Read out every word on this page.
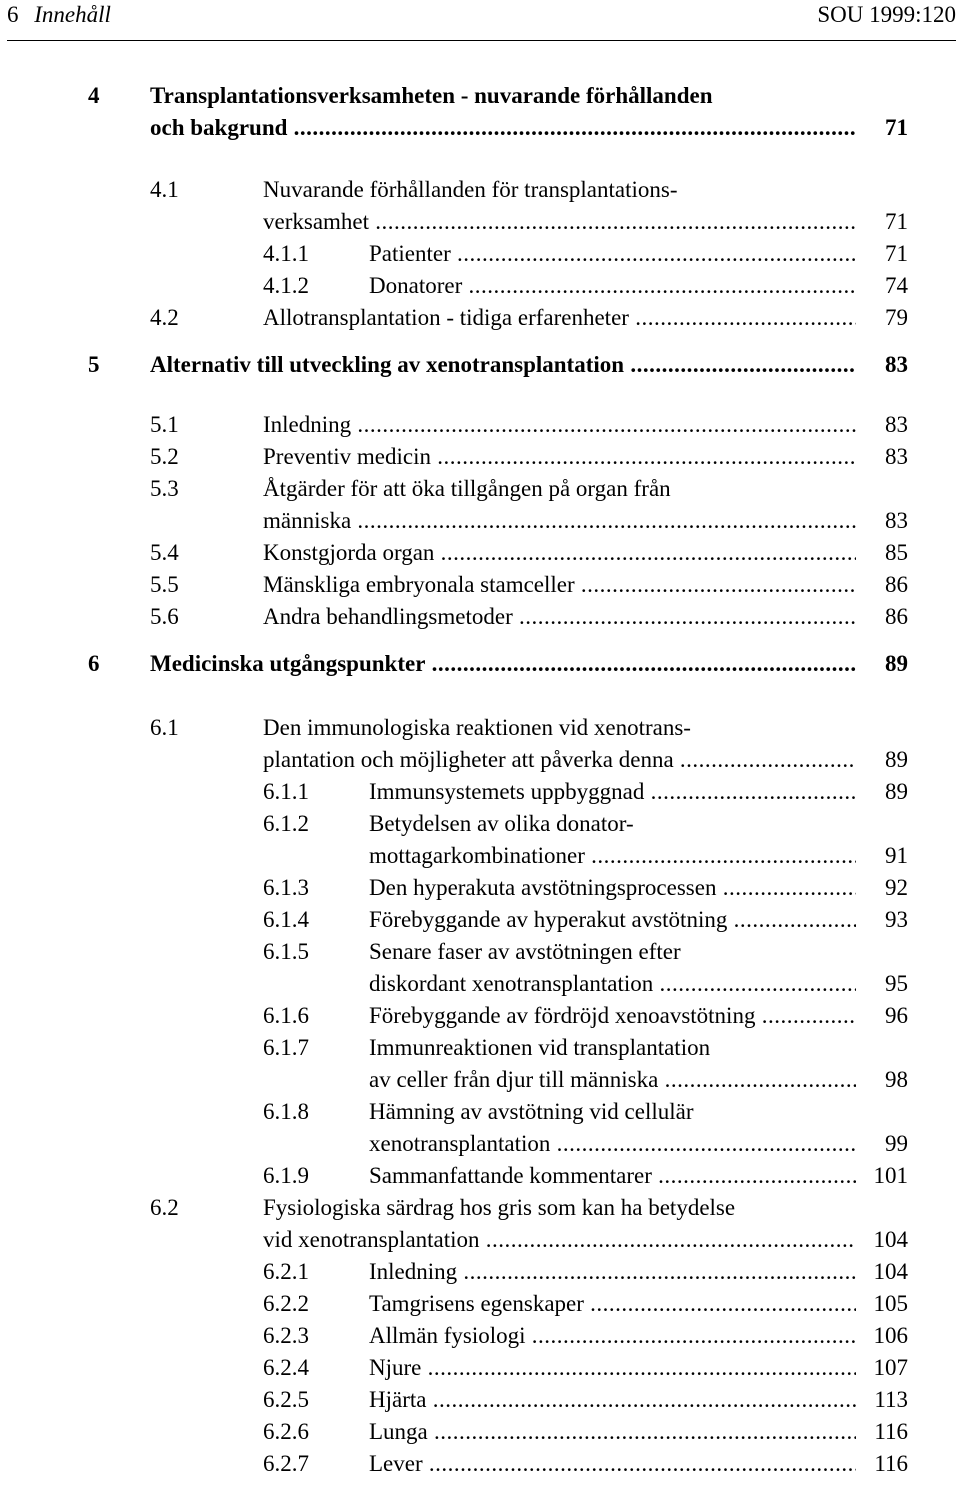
6 Innehåll	SOU 1999:120
4 Transplantationsverksamheten - nuvarande förhållanden
och bakgrund .....	71
4.1	Nuvarande förhållanden för transplantations-
verksamhet .....	71
4.1.1	Patienter .....	71
4.1.2	Donatorer .....	74
4.2	Allotransplantation - tidiga erfarenheter .....	79
5 Alternativ till utveckling av xenotransplantation .....	83
5.1	Inledning .....	83
5.2	Preventiv medicin .....	83
5.3	Åtgärder för att öka tillgången på organ från
människa .....	83
5.4	Konstgjorda organ .....	85
5.5	Mänskliga embryonala stamceller .....	86
5.6	Andra behandlingsmetoder .....	86
6 Medicinska utgångspunkter .....	89
6.1	Den immunologiska reaktionen vid xenotrans-
plantation och möjligheter att påverka denna .....	89
6.1.1	Immunsystemets uppbyggnad .....	89
6.1.2	Betydelsen av olika donator-
mottagarkombinationer .....	91
6.1.3	Den hyperakuta avstötningsprocessen .....	92
6.1.4	Förebyggande av hyperakut avstötning .....	93
6.1.5	Senare faser av avstötningen efter
diskordant xenotransplantation .....	95
6.1.6	Förebyggande av fördröjd xenoavstötning .....	96
6.1.7	Immunreaktionen vid transplantation
av celler från djur till människa .....	98
6.1.8	Hämning av avstötning vid cellulär
xenotransplantation .....	99
6.1.9	Sammanfattande kommentarer .....	101
6.2	Fysiologiska särdrag hos gris som kan ha betydelse
vid xenotransplantation .....	104
6.2.1	Inledning .....	104
6.2.2	Tamgrisens egenskaper .....	105
6.2.3	Allmän fysiologi .....	106
6.2.4	Njure .....	107
6.2.5	Hjärta .....	113
6.2.6	Lunga .....	116
6.2.7	Lever .....	116
